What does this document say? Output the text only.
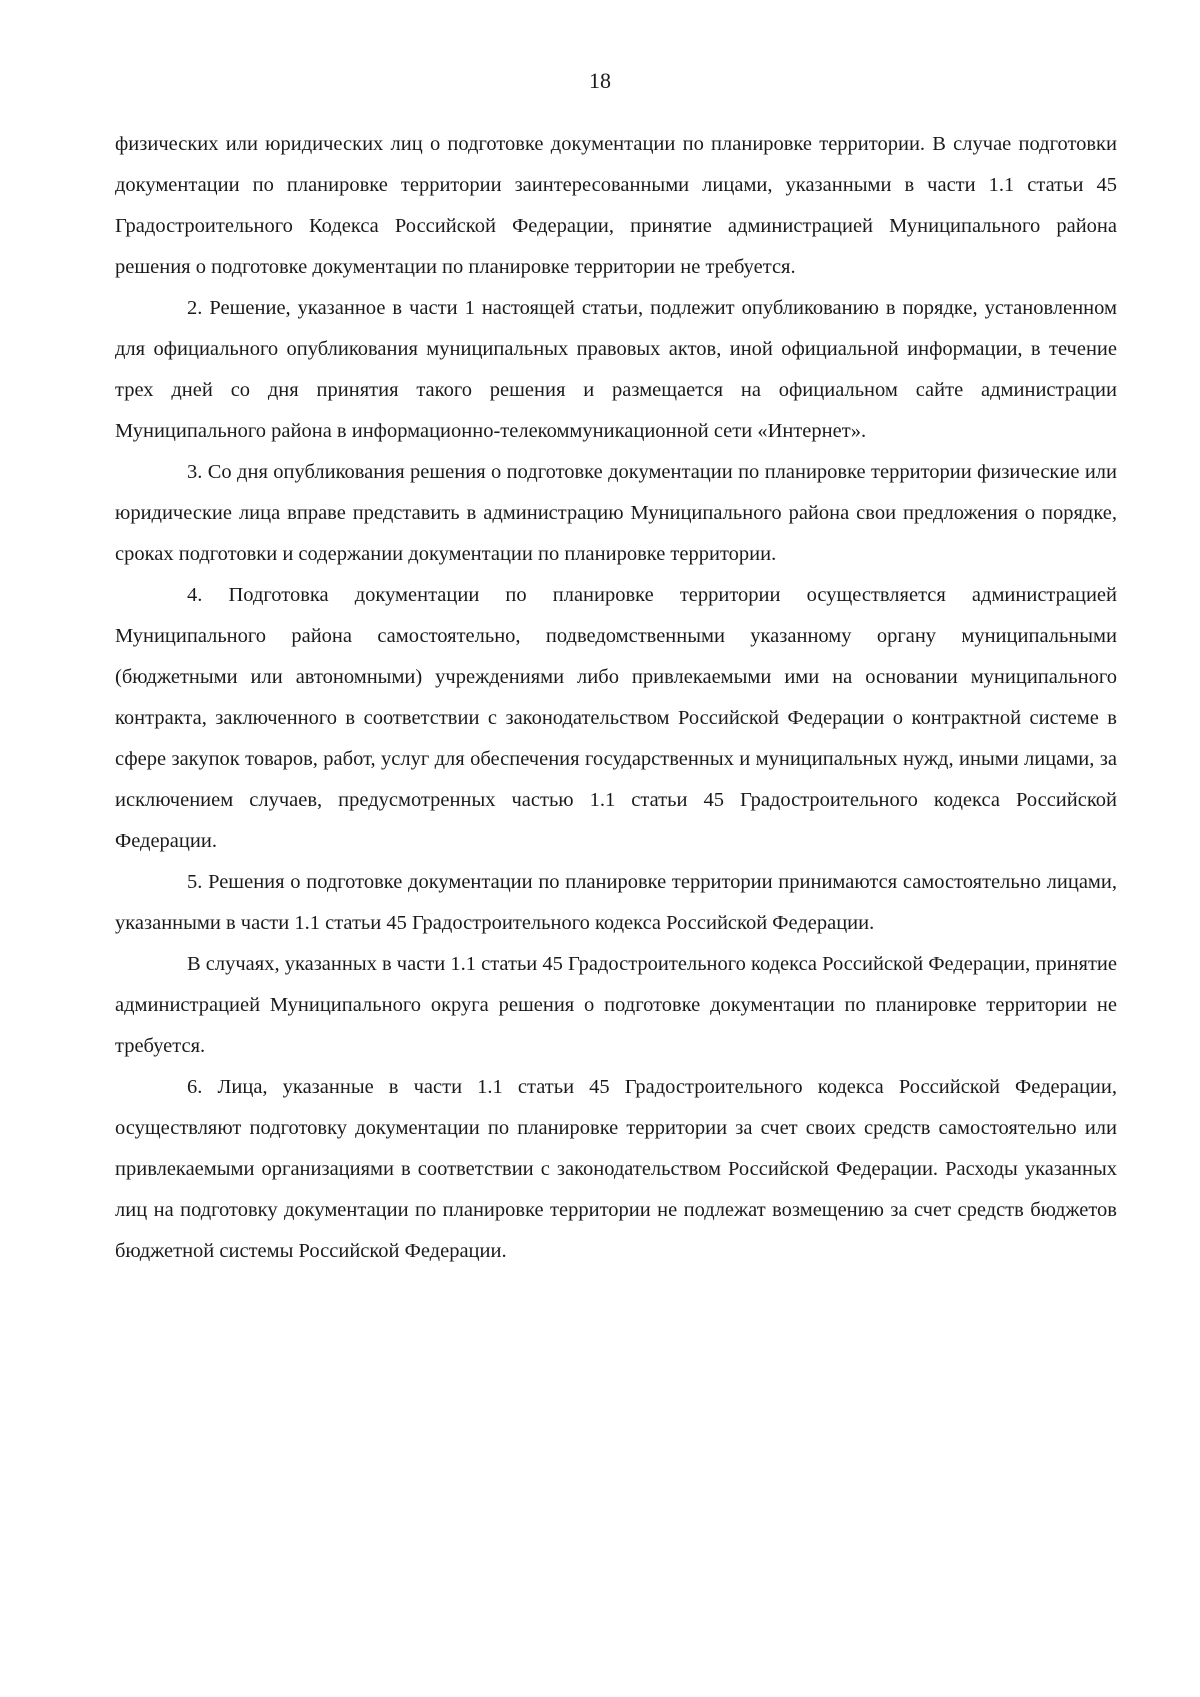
18

физических или юридических лиц о подготовке документации по планировке территории. В случае подготовки документации по планировке территории заинтересованными лицами, указанными в части 1.1 статьи 45 Градостроительного Кодекса Российской Федерации, принятие администрацией Муниципального района решения о подготовке документации по планировке территории не требуется.

2. Решение, указанное в части 1 настоящей статьи, подлежит опубликованию в порядке, установленном для официального опубликования муниципальных правовых актов, иной официальной информации, в течение трех дней со дня принятия такого решения и размещается на официальном сайте администрации Муниципального района в информационно-телекоммуникационной сети «Интернет».

3. Со дня опубликования решения о подготовке документации по планировке территории физические или юридические лица вправе представить в администрацию Муниципального района свои предложения о порядке, сроках подготовки и содержании документации по планировке территории.

4. Подготовка документации по планировке территории осуществляется администрацией Муниципального района самостоятельно, подведомственными указанному органу муниципальными (бюджетными или автономными) учреждениями либо привлекаемыми ими на основании муниципального контракта, заключенного в соответствии с законодательством Российской Федерации о контрактной системе в сфере закупок товаров, работ, услуг для обеспечения государственных и муниципальных нужд, иными лицами, за исключением случаев, предусмотренных частью 1.1 статьи 45 Градостроительного кодекса Российской Федерации.

5. Решения о подготовке документации по планировке территории принимаются самостоятельно лицами, указанными в части 1.1 статьи 45 Градостроительного кодекса Российской Федерации.

В случаях, указанных в части 1.1 статьи 45 Градостроительного кодекса Российской Федерации, принятие администрацией Муниципального округа решения о подготовке документации по планировке территории не требуется.

6. Лица, указанные в части 1.1 статьи 45 Градостроительного кодекса Российской Федерации, осуществляют подготовку документации по планировке территории за счет своих средств самостоятельно или привлекаемыми организациями в соответствии с законодательством Российской Федерации. Расходы указанных лиц на подготовку документации по планировке территории не подлежат возмещению за счет средств бюджетов бюджетной системы Российской Федерации.
